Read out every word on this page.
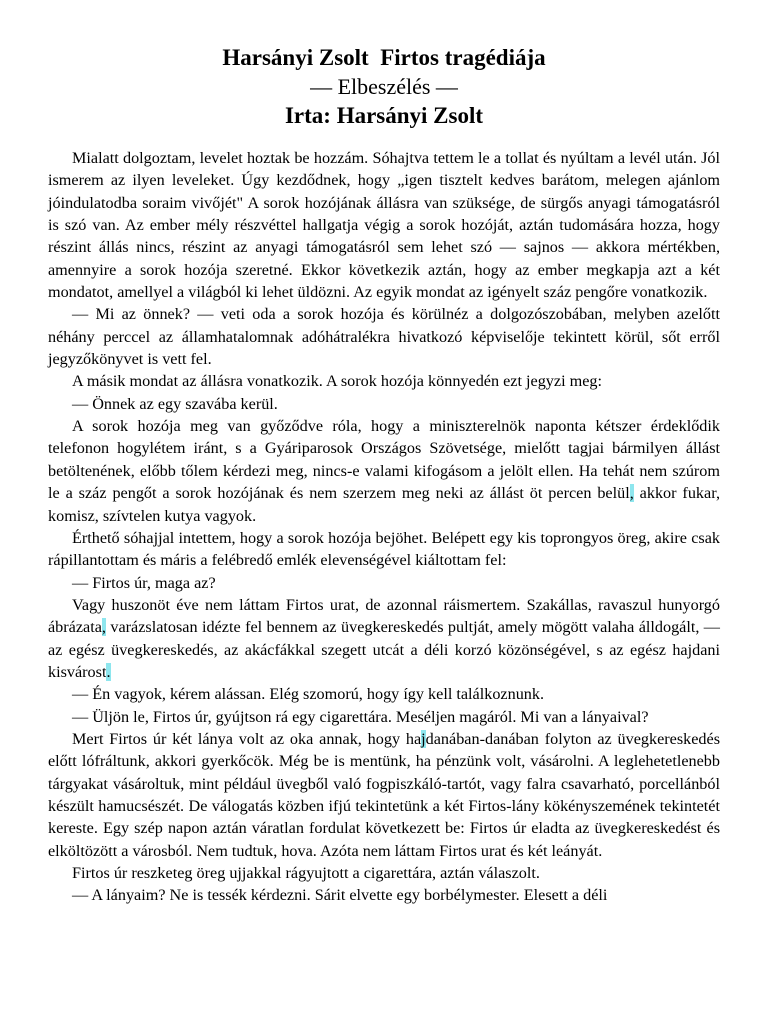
Harsányi Zsolt  Firtos tragédiája
— Elbeszélés —
Irta: Harsányi Zsolt

Mialatt dolgoztam, levelet hoztak be hozzám. Sóhajtva tettem le a tollat és nyúltam a levél után. Jól ismerem az ilyen leveleket. Úgy kezdődnek, hogy „igen tisztelt kedves barátom, melegen ajánlom jóindulatodba soraim vivőjét" A sorok hozójának állásra van szüksége, de sürgős anyagi támogatásról is szó van. Az ember mély részvéttel hallgatja végig a sorok hozóját, aztán tudomására hozza, hogy részint állás nincs, részint az anyagi támogatásról sem lehet szó — sajnos — akkora mértékben, amennyire a sorok hozója szeretné. Ekkor következik aztán, hogy az ember megkapja azt a két mondatot, amellyel a világból ki lehet üldözni. Az egyik mondat az igényelt száz pengőre vonatkozik.

— Mi az önnek? — veti oda a sorok hozója és körülnéz a dolgozószobában, melyben azelőtt néhány perccel az államhatalomnak adóhátralékra hivatkozó képviselője tekintett körül, sőt erről jegyzőkönyvet is vett fel.

A másik mondat az állásra vonatkozik. A sorok hozója könnyedén ezt jegyzi meg:

— Önnek az egy szavába kerül.

A sorok hozója meg van győződve róla, hogy a miniszterelnök naponta kétszer érdeklődik telefonon hogylétem iránt, s a Gyáriparosok Országos Szövetsége, mielőtt tagjai bármilyen állást betöltenének, előbb tőlem kérdezi meg, nincs-e valami kifogásom a jelölt ellen. Ha tehát nem szúrom le a száz pengőt a sorok hozójának és nem szerzem meg neki az állást öt percen belül, akkor fukar, komisz, szívtelen kutya vagyok.

Érthető sóhajjal intettem, hogy a sorok hozója bejöhet. Belépett egy kis toprongyos öreg, akire csak rápillantottam és máris a felébredő emlék elevenségével kiáltottam fel:

— Firtos úr, maga az?

Vagy huszonöt éve nem láttam Firtos urat, de azonnal ráismertem. Szakállas, ravaszul hunyorgó ábrázata, varázslatosan idézte fel bennem az üvegkereskedés pultját, amely mögött valaha álldogált, — az egész üvegkereskedés, az akácfákkal szegett utcát a déli korzó közönségével, s az egész hajdani kisvárost.

— Én vagyok, kérem alássan. Elég szomorú, hogy így kell találkoznunk.

— Üljön le, Firtos úr, gyújtson rá egy cigarettára. Meséljen magáról. Mi van a lányaival?

Mert Firtos úr két lánya volt az oka annak, hogy hajdanában-danában folyton az üvegkereskedés előtt lófráltunk, akkori gyerkőcök. Még be is mentünk, ha pénzünk volt, vásárolni. A leglehetetlenebb tárgyakat vásároltuk, mint például üvegből való fogpiszkáló-tartót, vagy falra csavarható, porcellánból készült hamucsészét. De válogatás közben ifjú tekintetünk a két Firtos-lány kökényszemének tekintetét kerestе. Egy szép napon aztán váratlan fordulat következett be: Firtos úr eladta az üvegkereskedést és elköltözött a városból. Nem tudtuk, hova. Azóta nem láttam Firtos urat és két leányát.

Firtos úr reszketeg öreg ujjakkal rágyujtott a cigarettára, aztán válaszolt.

— A lányaim? Ne is tessék kérdezni. Sárit elvette egy borbélymester. Elesett a déli
